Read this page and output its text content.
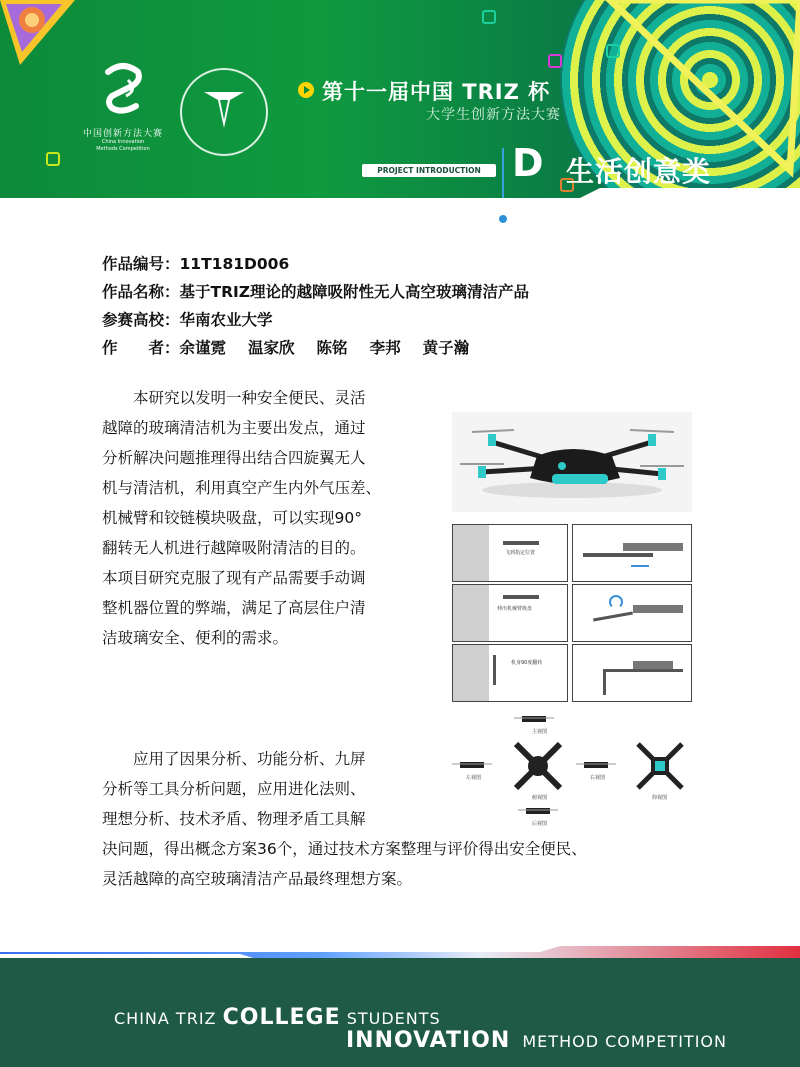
中国创新方法大赛
China Innovation
Methods Competition
第十一届中国 TRIZ 杯
大学生创新方法大赛
PROJECT INTRODUCTION D 生活创意类
作品编号：11T181D006
作品名称：基于TRIZ理论的越障吸附性无人高空玻璃清洁产品
参赛高校：华南农业大学
作　　者：余谨霓 温家欣 陈铭 李邦 黄子瀚
　　本研究以发明一种安全便民、灵活
越障的玻璃清洁机为主要出发点，通过
分析解决问题推理得出结合四旋翼无人
机与清洁机，利用真空产生内外气压差、
机械臂和铰链模块吸盘，可以实现90°
翻转无人机进行越障吸附清洁的目的。
本项目研究克服了现有产品需要手动调
整机器位置的弊端，满足了高层住户清
洁玻璃安全、便利的需求。
飞到指定位置
伸出机械臂吸盘
机身90度翻转
主视图
左视图
俯视图
右视图
仰视图
后视图
　　应用了因果分析、功能分析、九屏
分析等工具分析问题，应用进化法则、
理想分析、技术矛盾、物理矛盾工具解
决问题，得出概念方案36个，通过技术方案整理与评价得出安全便民、
灵活越障的高空玻璃清洁产品最终理想方案。
CHINA TRIZ COLLEGE STUDENTS
INNOVATION METHOD COMPETITION
